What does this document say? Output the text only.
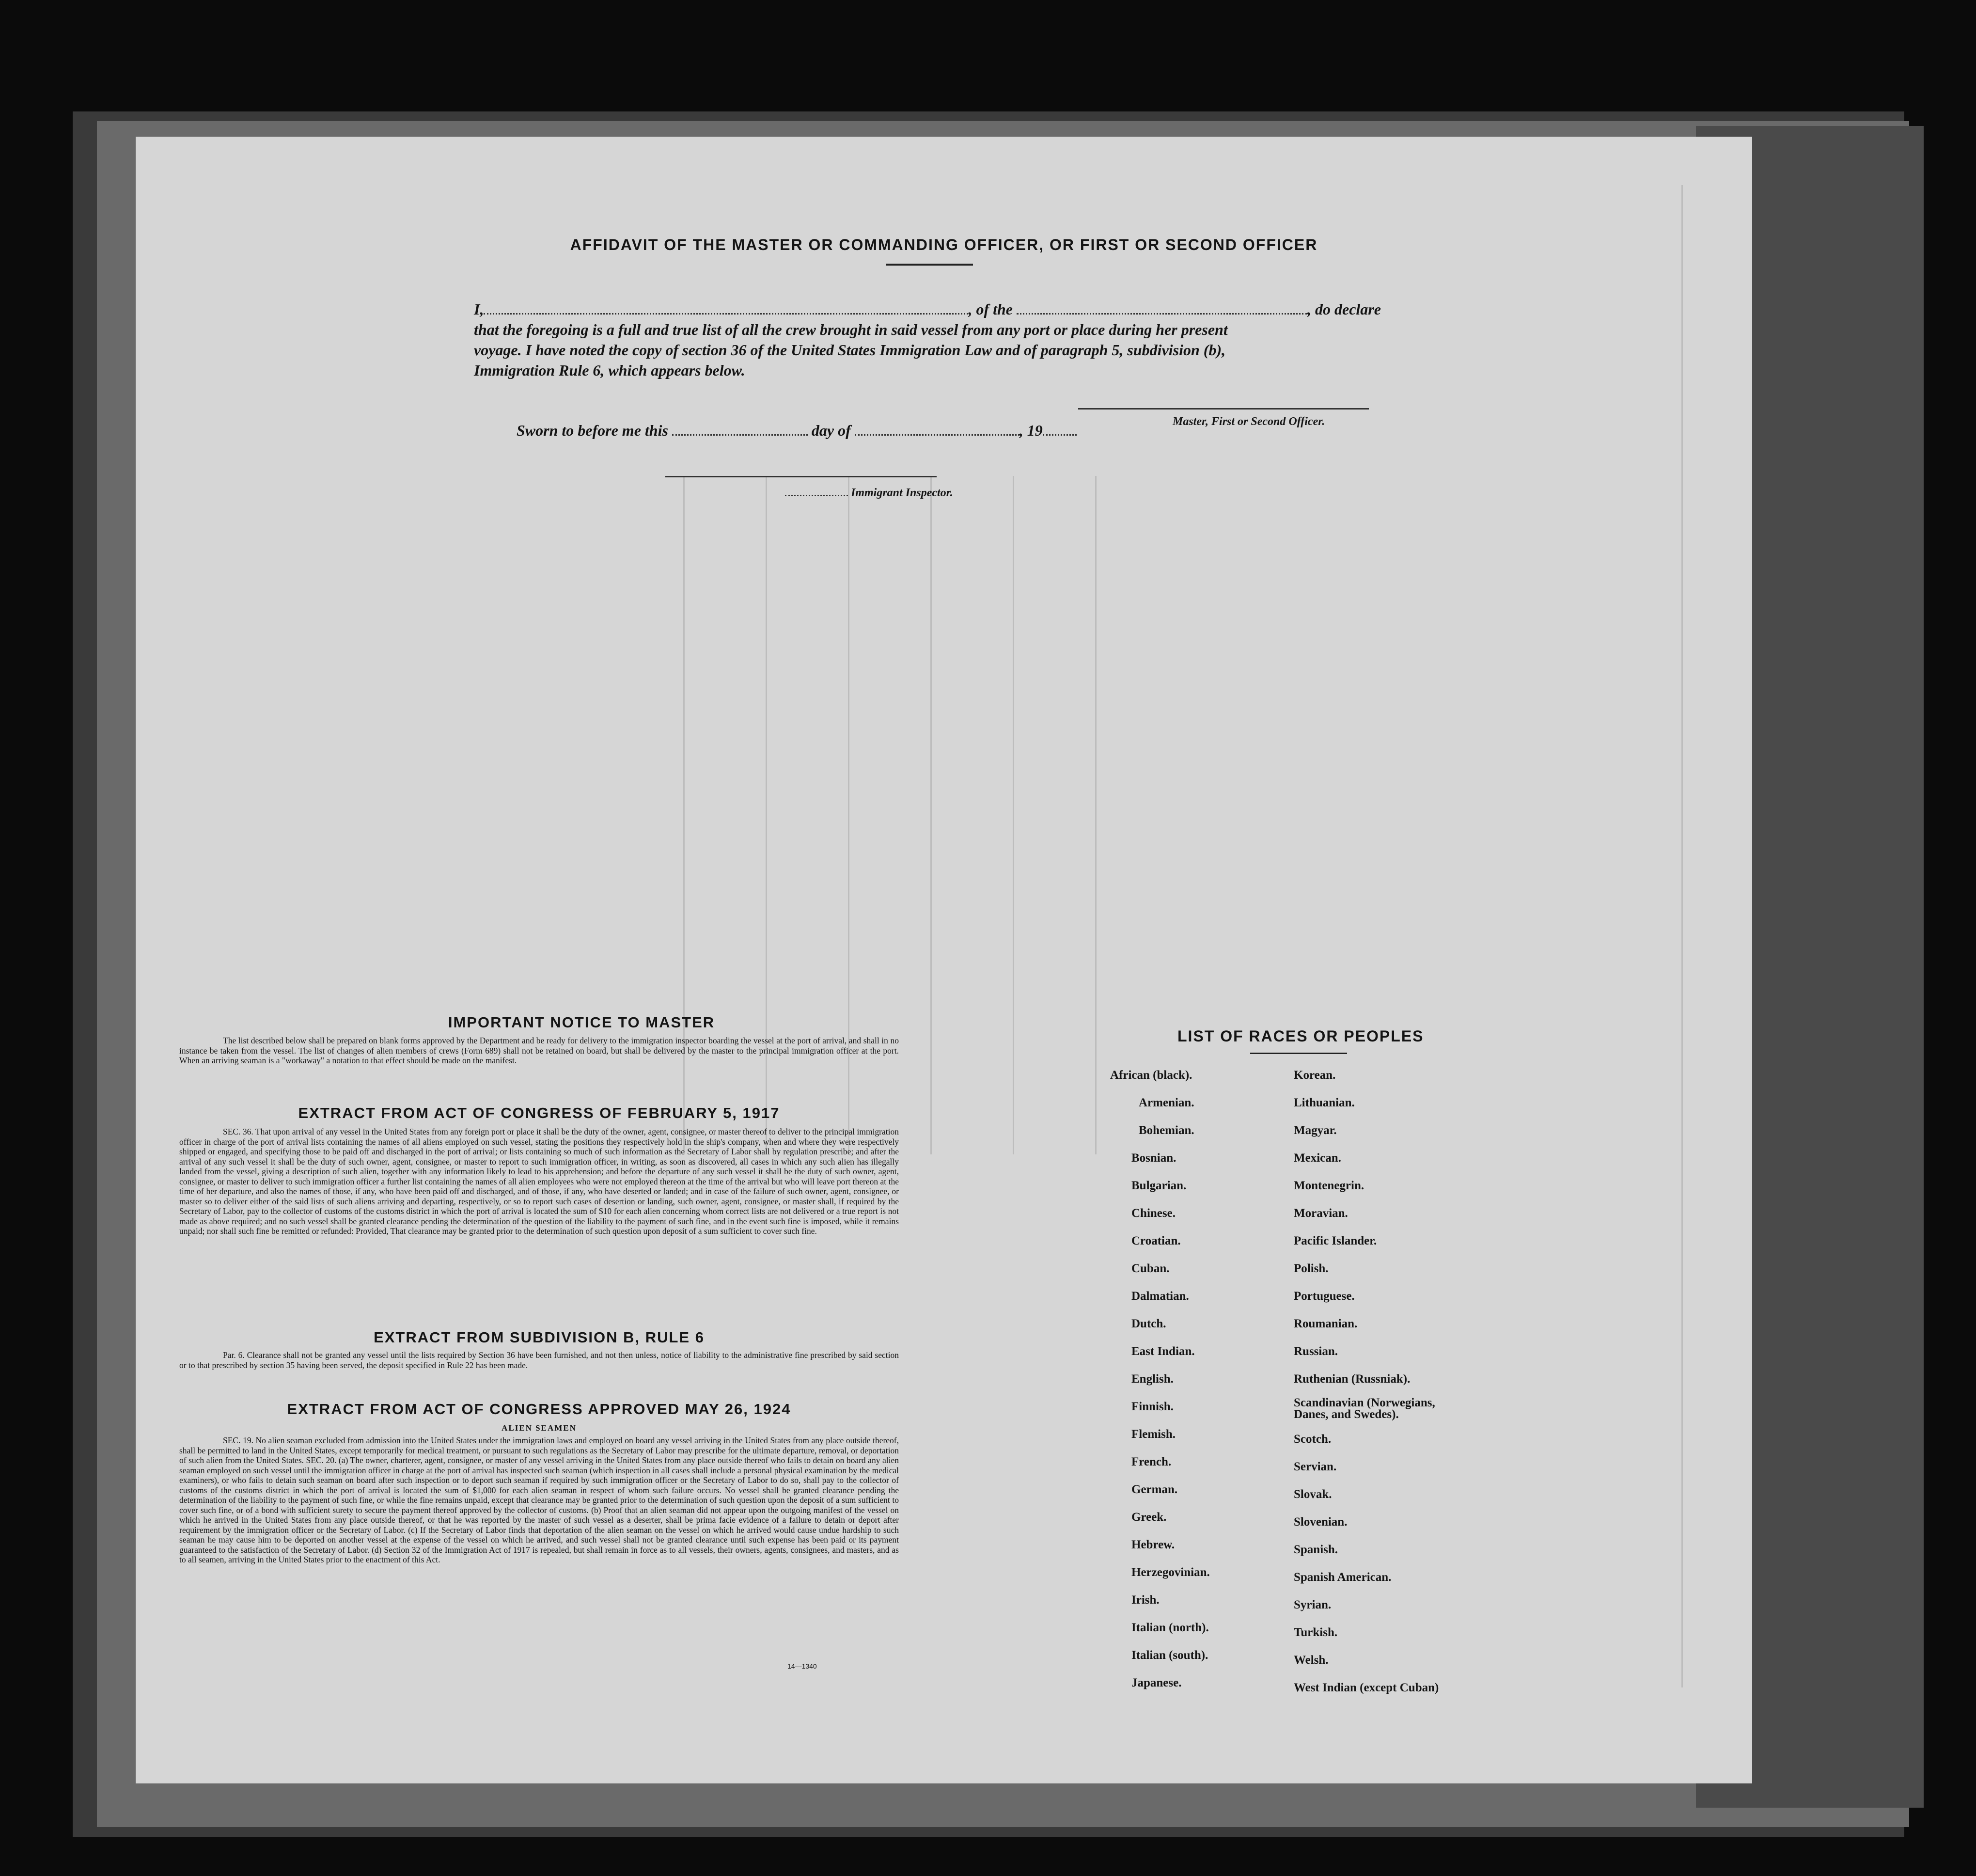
AFFIDAVIT OF THE MASTER OR COMMANDING OFFICER, OR FIRST OR SECOND OFFICER
I,	, of the	, do declare
that the foregoing is a full and true list of all the crew brought in said vessel from any port or place during her present
voyage. I have noted the copy of section 36 of the United States Immigration Law and of paragraph 5, subdivision (b),
Immigration Rule 6, which appears below.
Master, First or Second Officer.
Sworn to before me this	day of	, 19
Immigrant Inspector.
IMPORTANT NOTICE TO MASTER
The list described below shall be prepared on blank forms approved by the Department and be ready for delivery to the immigration inspector boarding the vessel at the port of arrival, and shall in no instance be taken from the vessel. The list of changes of alien members of crews (Form 689) shall not be retained on board, but shall be delivered by the master to the principal immigration officer at the port. When an arriving seaman is a "workaway" a notation to that effect should be made on the manifest.
EXTRACT FROM ACT OF CONGRESS OF FEBRUARY 5, 1917
SEC. 36. That upon arrival of any vessel in the United States from any foreign port or place it shall be the duty of the owner, agent, consignee, or master thereof to deliver to the principal immigration officer in charge of the port of arrival lists containing the names of all aliens employed on such vessel, stating the positions they respectively hold in the ship's company, when and where they were respectively shipped or engaged, and specifying those to be paid off and discharged in the port of arrival; or lists containing so much of such information as the Secretary of Labor shall by regulation prescribe; and after the arrival of any such vessel it shall be the duty of such owner, agent, consignee, or master to report to such immigration officer, in writing, as soon as discovered, all cases in which any such alien has illegally landed from the vessel, giving a description of such alien, together with any information likely to lead to his apprehension; and before the departure of any such vessel it shall be the duty of such owner, agent, consignee, or master to deliver to such immigration officer a further list containing the names of all alien employees who were not employed thereon at the time of the arrival but who will leave port thereon at the time of her departure, and also the names of those, if any, who have been paid off and discharged, and of those, if any, who have deserted or landed; and in case of the failure of such owner, agent, consignee, or master so to deliver either of the said lists of such aliens arriving and departing, respectively, or so to report such cases of desertion or landing, such owner, agent, consignee, or master shall, if required by the Secretary of Labor, pay to the collector of customs of the customs district in which the port of arrival is located the sum of $10 for each alien concerning whom correct lists are not delivered or a true report is not made as above required; and no such vessel shall be granted clearance pending the determination of the question of the liability to the payment of such fine, and in the event such fine is imposed, while it remains unpaid; nor shall such fine be remitted or refunded: Provided, That clearance may be granted prior to the determination of such question upon deposit of a sum sufficient to cover such fine.
EXTRACT FROM SUBDIVISION B, RULE 6
Par. 6. Clearance shall not be granted any vessel until the lists required by Section 36 have been furnished, and not then unless, notice of liability to the administrative fine prescribed by said section or to that prescribed by section 35 having been served, the deposit specified in Rule 22 has been made.
EXTRACT FROM ACT OF CONGRESS APPROVED MAY 26, 1924
ALIEN SEAMEN
SEC. 19. No alien seaman excluded from admission into the United States under the immigration laws and employed on board any vessel arriving in the United States from any place outside thereof, shall be permitted to land in the United States, except temporarily for medical treatment, or pursuant to such regulations as the Secretary of Labor may prescribe for the ultimate departure, removal, or deportation of such alien from the United States. SEC. 20. (a) The owner, charterer, agent, consignee, or master of any vessel arriving in the United States from any place outside thereof who fails to detain on board any alien seaman employed on such vessel until the immigration officer in charge at the port of arrival has inspected such seaman (which inspection in all cases shall include a personal physical examination by the medical examiners), or who fails to detain such seaman on board after such inspection or to deport such seaman if required by such immigration officer or the Secretary of Labor to do so, shall pay to the collector of customs of the customs district in which the port of arrival is located the sum of $1,000 for each alien seaman in respect of whom such failure occurs. No vessel shall be granted clearance pending the determination of the liability to the payment of such fine, or while the fine remains unpaid, except that clearance may be granted prior to the determination of such question upon the deposit of a sum sufficient to cover such fine, or of a bond with sufficient surety to secure the payment thereof approved by the collector of customs. (b) Proof that an alien seaman did not appear upon the outgoing manifest of the vessel on which he arrived in the United States from any place outside thereof, or that he was reported by the master of such vessel as a deserter, shall be prima facie evidence of a failure to detain or deport after requirement by the immigration officer or the Secretary of Labor. (c) If the Secretary of Labor finds that deportation of the alien seaman on the vessel on which he arrived would cause undue hardship to such seaman he may cause him to be deported on another vessel at the expense of the vessel on which he arrived, and such vessel shall not be granted clearance until such expense has been paid or its payment guaranteed to the satisfaction of the Secretary of Labor. (d) Section 32 of the Immigration Act of 1917 is repealed, but shall remain in force as to all vessels, their owners, agents, consignees, and masters, and as to all seamen, arriving in the United States prior to the enactment of this Act.
14—1340
LIST OF RACES OR PEOPLES
African (black).
Armenian.
Bohemian.
Bosnian.
Bulgarian.
Chinese.
Croatian.
Cuban.
Dalmatian.
Dutch.
East Indian.
English.
Finnish.
Flemish.
French.
German.
Greek.
Hebrew.
Herzegovinian.
Irish.
Italian (north).
Italian (south).
Japanese.
Korean.
Lithuanian.
Magyar.
Mexican.
Montenegrin.
Moravian.
Pacific Islander.
Polish.
Portuguese.
Roumanian.
Russian.
Ruthenian (Russniak).
Scandinavian (Norwegians, Danes, and Swedes).
Scotch.
Servian.
Slovak.
Slovenian.
Spanish.
Spanish American.
Syrian.
Turkish.
Welsh.
West Indian (except Cuban)
